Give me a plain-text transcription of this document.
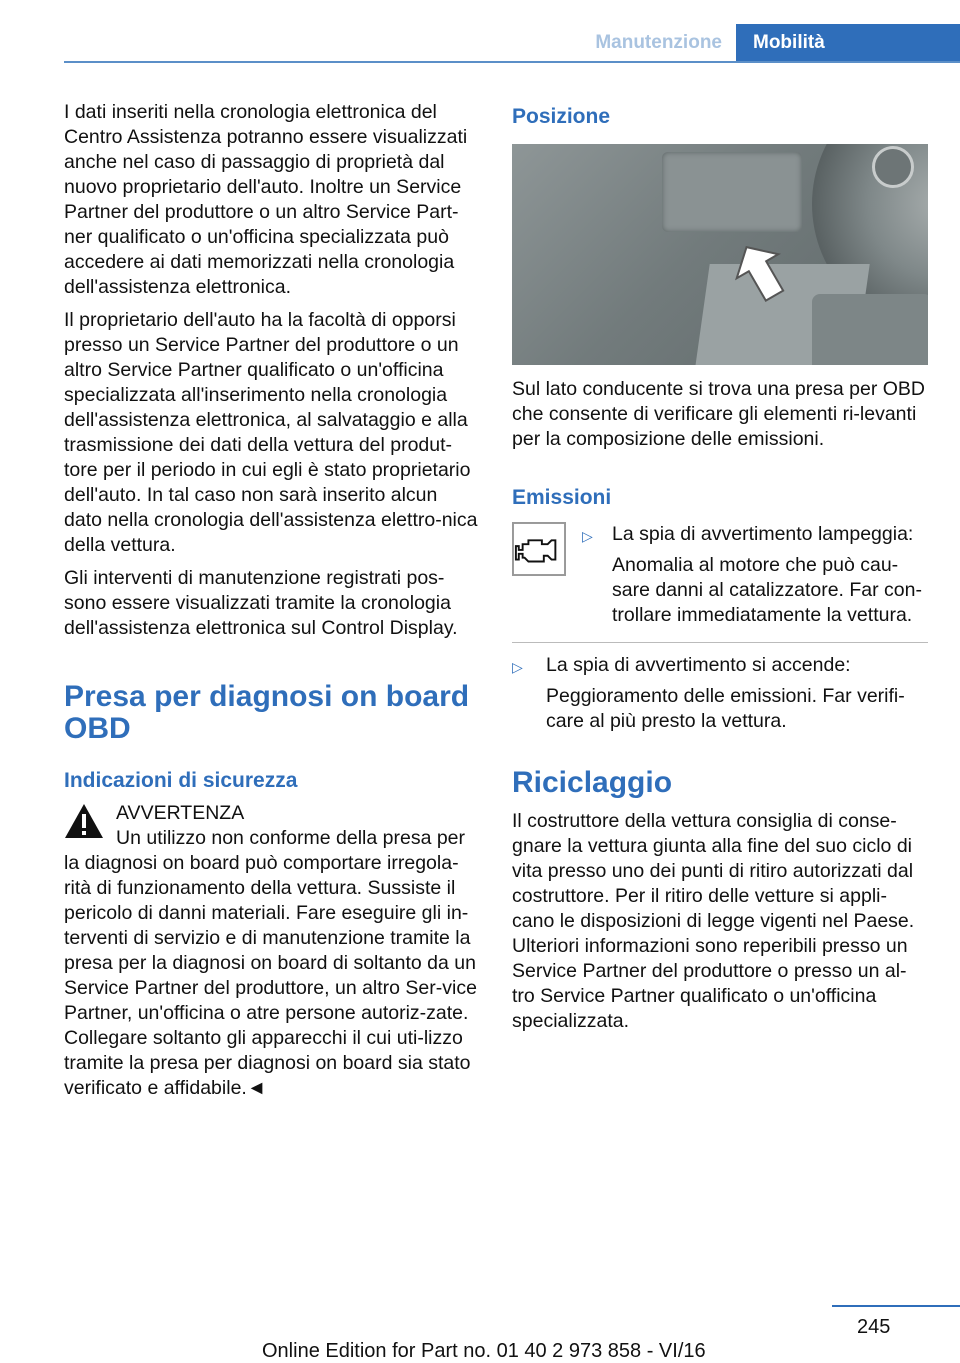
Manutenzione	Mobilità

I dati inseriti nella cronologia elettronica del Centro Assistenza potranno essere visualizzati anche nel caso di passaggio di proprietà dal nuovo proprietario dell'auto. Inoltre un Service Partner del produttore o un altro Service Part‐ner qualificato o un'officina specializzata può accedere ai dati memorizzati nella cronologia dell'assistenza elettronica.

Il proprietario dell'auto ha la facoltà di opporsi presso un Service Partner del produttore o un altro Service Partner qualificato o un'officina specializzata all'inserimento nella cronologia dell'assistenza elettronica, al salvataggio e alla trasmissione dei dati della vettura del produt‐tore per il periodo in cui egli è stato proprietario dell'auto. In tal caso non sarà inserito alcun dato nella cronologia dell'assistenza elettro‐nica della vettura.

Gli interventi di manutenzione registrati pos‐sono essere visualizzati tramite la cronologia dell'assistenza elettronica sul Control Display.

Presa per diagnosi on board OBD
Indicazioni di sicurezza
AVVERTENZA

Un utilizzo non conforme della presa per la diagnosi on board può comportare irregola‐rità di funzionamento della vettura. Sussiste il pericolo di danni materiali. Fare eseguire gli in‐terventi di servizio e di manutenzione tramite la presa per la diagnosi on board di soltanto da un Service Partner del produttore, un altro Ser‐vice Partner, un'officina o atre persone autoriz‐zate. Collegare soltanto gli apparecchi il cui uti‐lizzo tramite la presa per diagnosi on board sia stato verificato e affidabile.◄

Posizione

Sul lato conducente si trova una presa per OBD che consente di verificare gli elementi ri‐levanti per la composizione delle emissioni.

Emissioni
▷ La spia di avvertimento lampeggia:

Anomalia al motore che può cau‐sare danni al catalizzatore. Far con‐trollare immediatamente la vettura.

▷ La spia di avvertimento si accende:

Peggioramento delle emissioni. Far verifi‐care al più presto la vettura.

Riciclaggio

Il costruttore della vettura consiglia di conse‐gnare la vettura giunta alla fine del suo ciclo di vita presso uno dei punti di ritiro autorizzati dal costruttore. Per il ritiro delle vetture si appli‐cano le disposizioni di legge vigenti nel Paese. Ulteriori informazioni sono reperibili presso un Service Partner del produttore o presso un al‐tro Service Partner qualificato o un'officina specializzata.

245
Online Edition for Part no. 01 40 2 973 858 - VI/16
